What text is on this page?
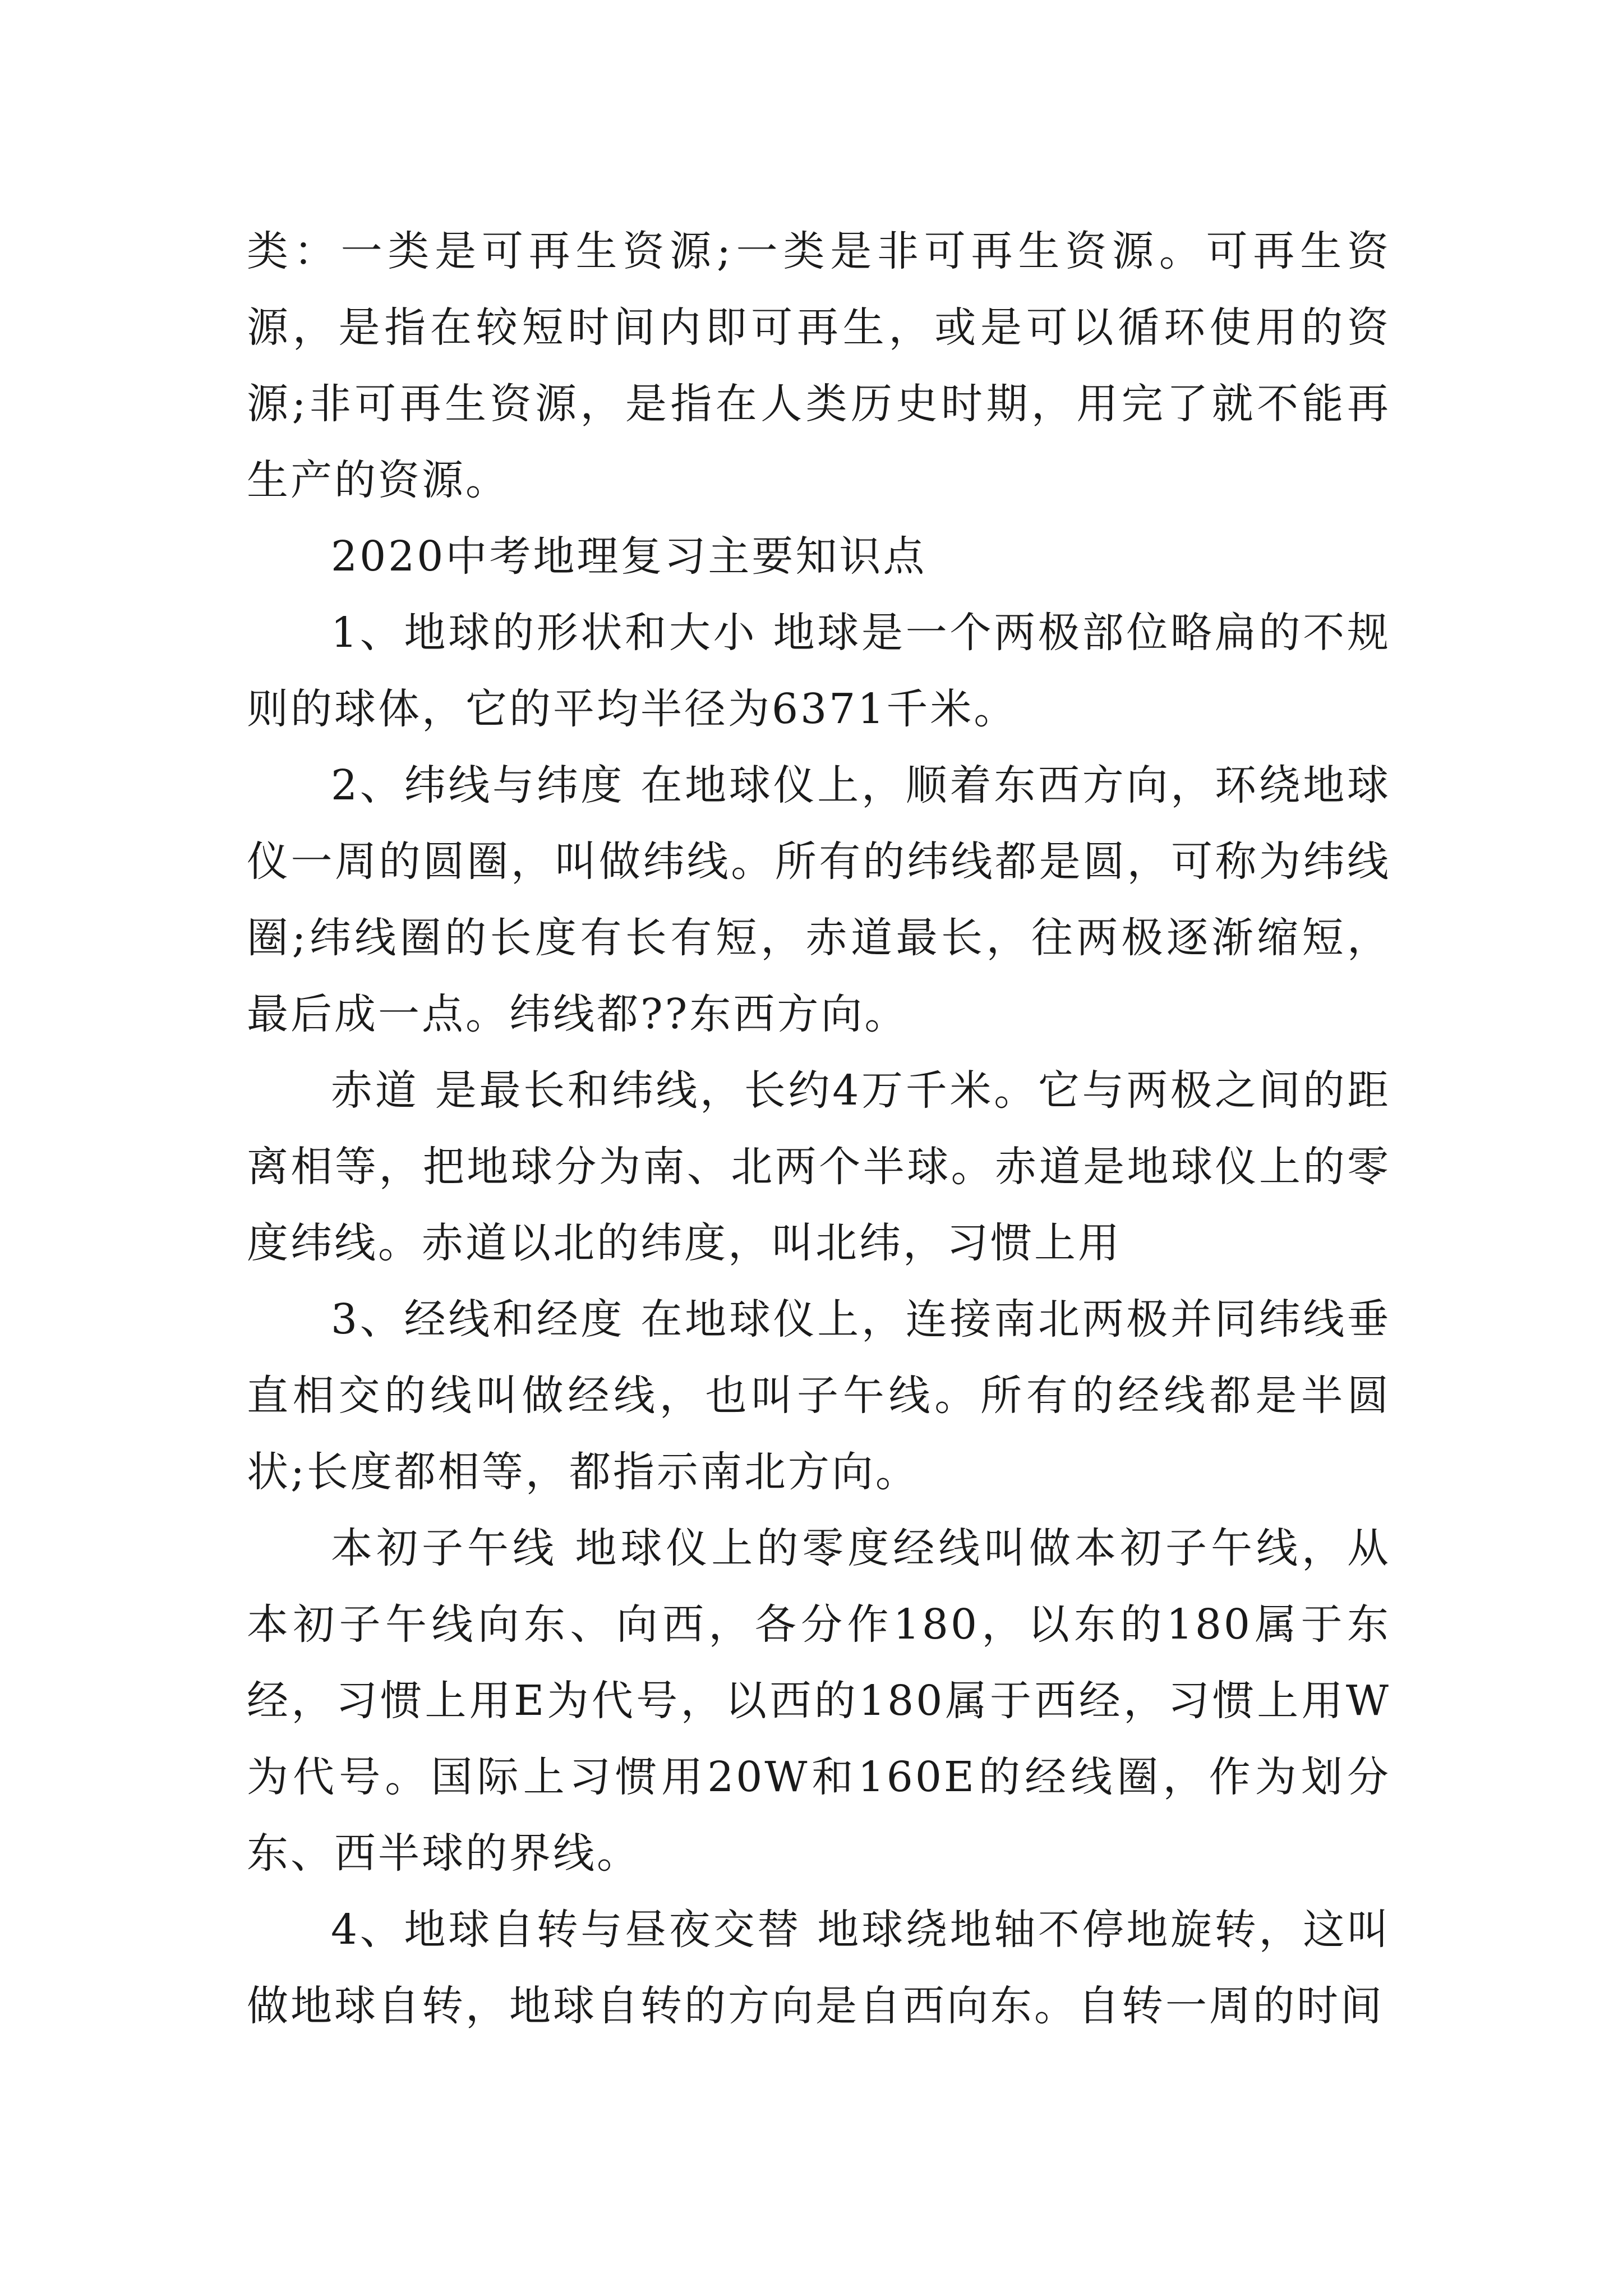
类：一类是可再生资源;一类是非可再生资源。可再生资源，是指在较短时间内即可再生，或是可以循环使用的资源;非可再生资源，是指在人类历史时期，用完了就不能再生产的资源。

2020中考地理复习主要知识点

1、地球的形状和大小 地球是一个两极部位略扁的不规则的球体，它的平均半径为6371千米。

2、纬线与纬度 在地球仪上，顺着东西方向，环绕地球仪一周的圆圈，叫做纬线。所有的纬线都是圆，可称为纬线圈;纬线圈的长度有长有短，赤道最长，往两极逐渐缩短，最后成一点。纬线都??东西方向。

赤道 是最长和纬线，长约4万千米。它与两极之间的距离相等，把地球分为南、北两个半球。赤道是地球仪上的零度纬线。赤道以北的纬度，叫北纬，习惯上用

3、经线和经度 在地球仪上，连接南北两极并同纬线垂直相交的线叫做经线，也叫子午线。所有的经线都是半圆状;长度都相等，都指示南北方向。

本初子午线 地球仪上的零度经线叫做本初子午线，从本初子午线向东、向西，各分作180，以东的180属于东经，习惯上用E为代号，以西的180属于西经，习惯上用W为代号。国际上习惯用20W和160E的经线圈，作为划分东、西半球的界线。

4、地球自转与昼夜交替 地球绕地轴不停地旋转，这叫做地球自转，地球自转的方向是自西向东。自转一周的时间
